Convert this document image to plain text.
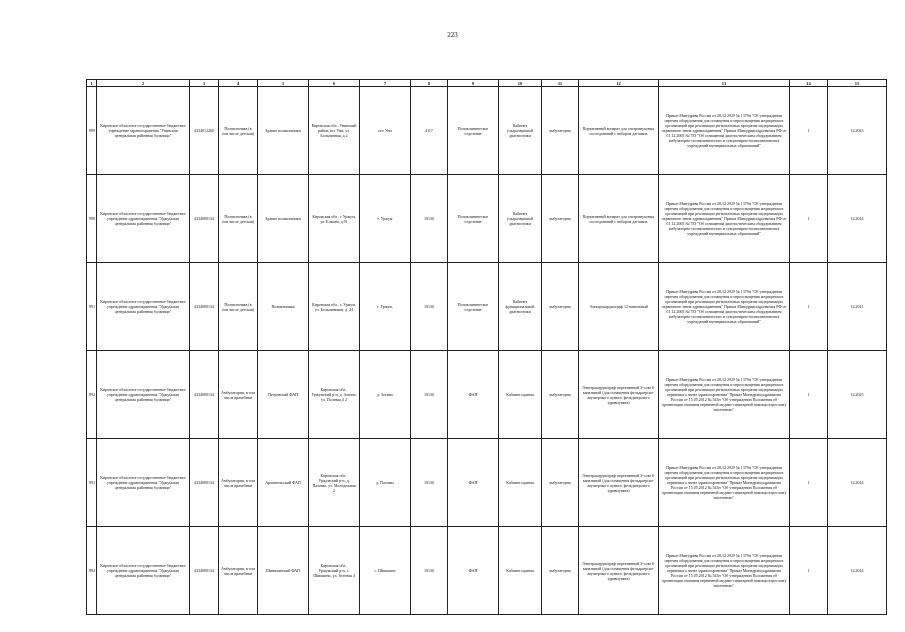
223
1	2	3	4	5	6	7	8	9	10	11	12	13	14	15
989	Кировское областное государственное бюджетное учреждение здравоохранения "Унинская центральная районная больница"	4334012260	Поликлиника (в том числе детская)	Здание поликлиники	Кировская обл., Унинский район, пгт Уни, ул. Больничная, д.2	пгт Уни	4117	Поликлиническое отделение	Кабинет ультразвуковой диагностики	амбулаторно	Портативный аппарат для ультразвуковых исследований с набором датчиков	Приказ Минздрава России от 28.12.2020 № 1379н "Об утверждении перечня оборудования для оснащения и переоснащения медицинских организаций при реализации региональных программ модернизации первичного звена здравоохранения" Приказ Минздравсоцразвития РФ от 01.12.2005 № 753 "Об оснащении диагностическим оборудованием амбулаторно-поликлинических и стационарно-поликлинических учреждений муниципальных образований"	1	12.2023
990	Кировское областное государственное бюджетное учреждение здравоохранения "Уржумская центральная районная больница"	4334000134	Поликлиника (в том числе детская)	Здание поликлиники	Кировская обл., г Уржум, ул. Елкина, д.91	г. Уржум	10136	Поликлиническое отделение	Кабинет ультразвуковой диагностики	амбулаторно	Портативный аппарат для ультразвуковых исследований с набором датчиков	Приказ Минздрава России от 28.12.2020 № 1379н "Об утверждении перечня оборудования для оснащения и переоснащения медицинских организаций при реализации региональных программ модернизации первичного звена здравоохранения" Приказ Минздравсоцразвития РФ от 01.12.2005 № 753 "Об оснащении диагностическим оборудованием амбулаторно-поликлинических и стационарно-поликлинических учреждений муниципальных образований"	1	12.2024
991	Кировское областное государственное бюджетное учреждение здравоохранения "Уржумская центральная районная больница"	4334000134	Поликлиника (в том числе детская)	Поликлиника	Кировская обл., г. Уржум, ул. Большевиков, д. 24	г. Уржум,	10136	Поликлиническое отделение	Кабинет функциональной диагностики	амбулаторно	Электрокардиограф 12-канальный	Приказ Минздрава России от 28.12.2020 № 1379н "Об утверждении перечня оборудования для оснащения и переоснащения медицинских организаций при реализации региональных программ модернизации первичного звена здравоохранения" Приказ Минздравсоцразвития РФ от 01.12.2005 № 753 "Об оснащении диагностическим оборудованием амбулаторно-поликлинических и стационарно-поликлинических учреждений муниципальных образований"	1	12.2021
992	Кировское областное государственное бюджетное учреждение здравоохранения "Уржумская центральная районная больница"	4334000134	Амбулатории, в том числе врачебные	Петровский ФАП	Кировская обл., Уржумский р-н, д. Зотино, ул. Полевая 4 2	д. Зотино	10136	ФАП	Кабинет приема	амбулаторно	Электрокардиограф портативный 3- или 6-канальный (для оснащения фельдшерско-акушерского пункта, фельдшерского здравпункта)	Приказ Минздрава России от 28.12.2020 № 1379н "Об утверждении перечня оборудования для оснащения и переоснащения медицинских организаций при реализации региональных программ модернизации первичного звена здравоохранения" Приказ Минздравсоцразвития России от 15.05.2012 № 543н "Об утверждении Положения об организации оказания первичной медико-санитарной помощи взрослому населению"	1	12.2025
993	Кировское областное государственное бюджетное учреждение здравоохранения "Уржумская центральная районная больница"	4334000134	Амбулатории, в том числе врачебные	Архангельский ФАП	Кировская обл., Уржумский р-н, д. Пахомы, ул. Молодежная 2	д. Пахомы	10136	ФАП	Кабинет приема	амбулаторно	Электрокардиограф портативный 3- или 6-канальный (для оснащения фельдшерско-акушерского пункта, фельдшерского здравпункта)	Приказ Минздрава России от 28.12.2020 № 1379н "Об утверждении перечня оборудования для оснащения и переоснащения медицинских организаций при реализации региональных программ модернизации первичного звена здравоохранения" Приказ Минздравсоцразвития России от 15.05.2012 № 543н "Об утверждении Положения об организации оказания первичной медико-санитарной помощи взрослому населению"	1	12.2024
994	Кировское областное государственное бюджетное учреждение здравоохранения "Уржумская центральная районная больница"	4334000134	Амбулатории, в том числе врачебные	Шиняхинский ФАП	Кировская обл., Уржумский р-н, с. Шишкино, ул. Зеленая 4	с. Шишкино	10136	ФАП	Кабинет приема	амбулаторно	Электрокардиограф портативный 3- или 6-канальный (для оснащения фельдшерско-акушерского пункта, фельдшерского здравпункта)	Приказ Минздрава России от 28.12.2020 № 1379н "Об утверждении перечня оборудования для оснащения и переоснащения медицинских организаций при реализации региональных программ модернизации первичного звена здравоохранения" Приказ Минздравсоцразвития России от 15.05.2012 № 543н "Об утверждении Положения об организации оказания первичной медико-санитарной помощи взрослому населению"	1	12.2024
